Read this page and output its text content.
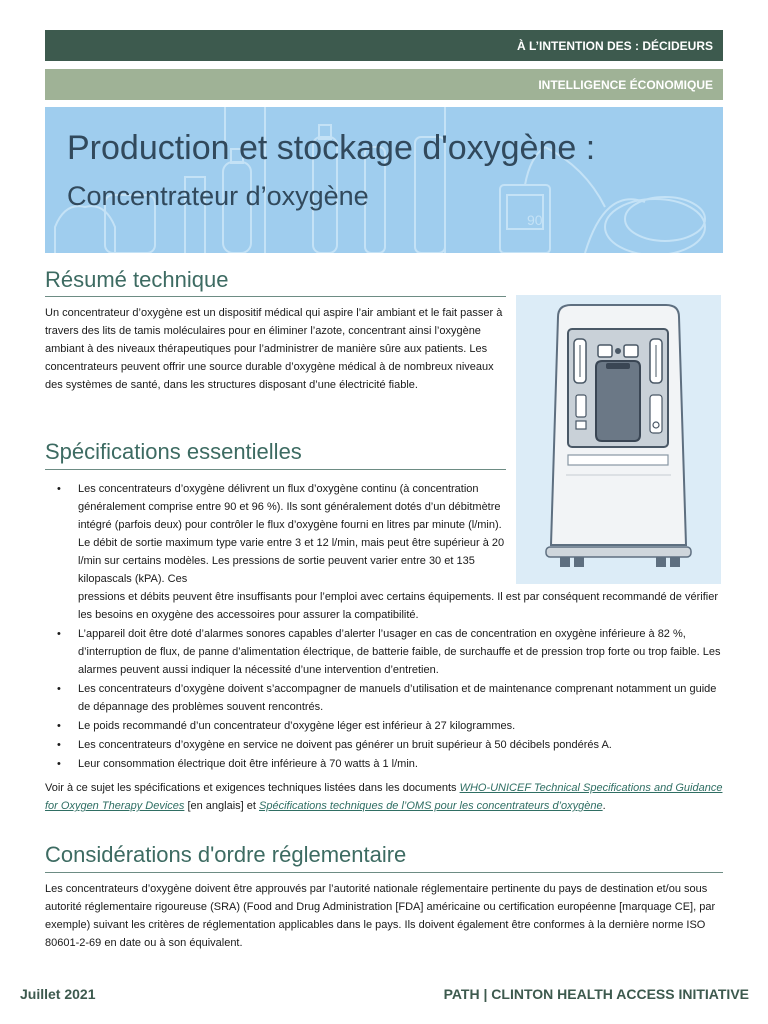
À L’INTENTION DES : DÉCIDEURS
INTELLIGENCE ÉCONOMIQUE
90
Production et stockage d'oxygène :
Concentrateur d’oxygène
Résumé technique

Un concentrateur d’oxygène est un dispositif médical qui aspire l’air ambiant et le fait passer à travers des lits de tamis moléculaires pour en éliminer l’azote, concentrant ainsi l’oxygène ambiant à des niveaux thérapeutiques pour l’administrer de manière sûre aux patients. Les concentrateurs peuvent offrir une source durable d’oxygène médical à de nombreux niveaux des systèmes de santé, dans les structures disposant d’une électricité fiable.

Spécifications essentielles
• Les concentrateurs d’oxygène délivrent un flux d’oxygène continu (à concentration généralement comprise entre 90 et 96 %). Ils sont généralement dotés d’un débitmètre intégré (parfois deux) pour contrôler le flux d’oxygène fourni en litres par minute (l/min). Le débit de sortie maximum type varie entre 3 et 12 l/min, mais peut être supérieur à 20 l/min sur certains modèles. Les pressions de sortie peuvent varier entre 30 et 135 kilopascals (kPA). Ces
pressions et débits peuvent être insuffisants pour l’emploi avec certains équipements. Il est par conséquent recommandé de vérifier les besoins en oxygène des accessoires pour assurer la compatibilité.
• L’appareil doit être doté d’alarmes sonores capables d’alerter l’usager en cas de concentration en oxygène inférieure à 82 %, d’interruption de flux, de panne d’alimentation électrique, de batterie faible, de surchauffe et de pression trop forte ou trop faible. Les alarmes peuvent aussi indiquer la nécessité d’une intervention d’entretien.
• Les concentrateurs d’oxygène doivent s’accompagner de manuels d’utilisation et de maintenance comprenant notamment un guide de dépannage des problèmes souvent rencontrés.
• Le poids recommandé d’un concentrateur d’oxygène léger est inférieur à 27 kilogrammes.
• Les concentrateurs d’oxygène en service ne doivent pas générer un bruit supérieur à 50 décibels pondérés A.
• Leur consommation électrique doit être inférieure à 70 watts à 1 l/min.

Voir à ce sujet les spécifications et exigences techniques listées dans les documents WHO-UNICEF Technical Specifications and Guidance for Oxygen Therapy Devices [en anglais] et Spécifications techniques de l’OMS pour les concentrateurs d’oxygène.

Considérations d'ordre réglementaire

Les concentrateurs d’oxygène doivent être approuvés par l’autorité nationale réglementaire pertinente du pays de destination et/ou sous autorité réglementaire rigoureuse (SRA) (Food and Drug Administration [FDA] américaine ou certification européenne [marquage CE], par exemple) suivant les critères de réglementation applicables dans le pays. Ils doivent également être conformes à la dernière norme ISO 80601-2-69 en date ou à son équivalent.

Juillet 2021	PATH | CLINTON HEALTH ACCESS INITIATIVE
